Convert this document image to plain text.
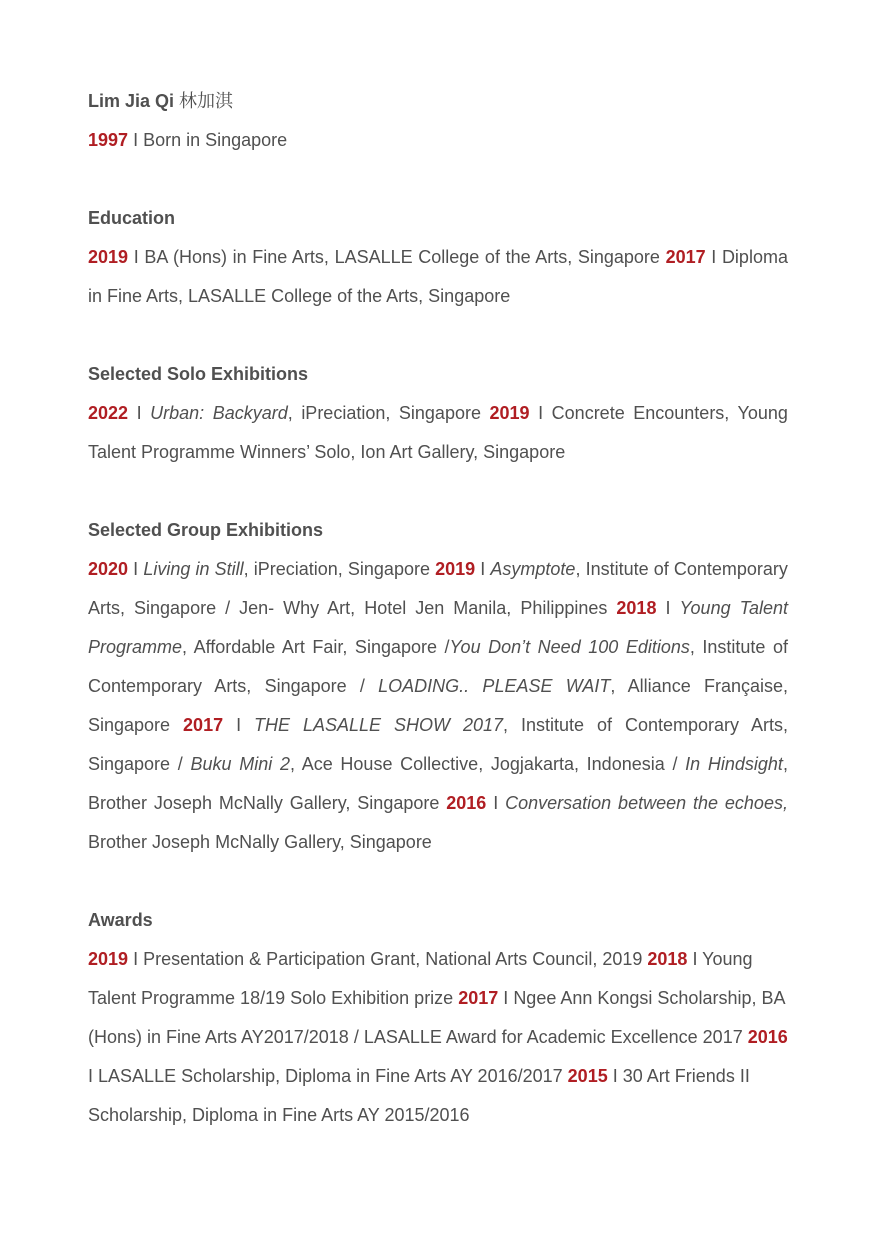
Lim Jia Qi 林加淇

1997 I Born in Singapore

Education

2019 I BA (Hons) in Fine Arts, LASALLE College of the Arts, Singapore 2017 I Diploma in Fine Arts, LASALLE College of the Arts, Singapore

Selected Solo Exhibitions

2022 I Urban: Backyard, iPreciation, Singapore 2019 I Concrete Encounters, Young Talent Programme Winners’ Solo, Ion Art Gallery, Singapore

Selected Group Exhibitions

2020 I Living in Still, iPreciation, Singapore 2019 I Asymptote, Institute of Contemporary Arts, Singapore / Jen- Why Art, Hotel Jen Manila, Philippines 2018 I Young Talent Programme, Affordable Art Fair, Singapore /You Don’t Need 100 Editions, Institute of Contemporary Arts, Singapore / LOADING.. PLEASE WAIT, Alliance Française, Singapore 2017 I THE LASALLE SHOW 2017, Institute of Contemporary Arts, Singapore / Buku Mini 2, Ace House Collective, Jogjakarta, Indonesia / In Hindsight, Brother Joseph McNally Gallery, Singapore 2016 I Conversation between the echoes, Brother Joseph McNally Gallery, Singapore

Awards

2019 I Presentation & Participation Grant, National Arts Council, 2019 2018 I Young Talent Programme 18/19 Solo Exhibition prize 2017 I Ngee Ann Kongsi Scholarship, BA (Hons) in Fine Arts AY2017/2018 / LASALLE Award for Academic Excellence 2017 2016 I LASALLE Scholarship, Diploma in Fine Arts AY 2016/2017 2015 I 30 Art Friends II Scholarship, Diploma in Fine Arts AY 2015/2016
